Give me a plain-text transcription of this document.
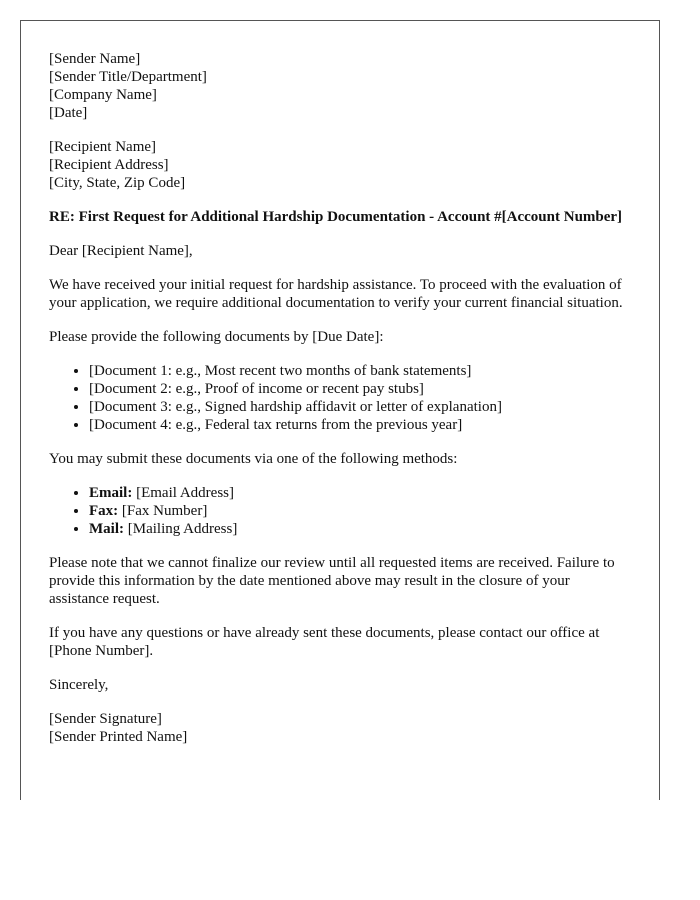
[Sender Name]
[Sender Title/Department]
[Company Name]
[Date]
[Recipient Name]
[Recipient Address]
[City, State, Zip Code]

RE: First Request for Additional Hardship Documentation - Account #[Account Number]

Dear [Recipient Name],

We have received your initial request for hardship assistance. To proceed with the evaluation of your application, we require additional documentation to verify your current financial situation.

Please provide the following documents by [Due Date]:

• [Document 1: e.g., Most recent two months of bank statements]
• [Document 2: e.g., Proof of income or recent pay stubs]
• [Document 3: e.g., Signed hardship affidavit or letter of explanation]
• [Document 4: e.g., Federal tax returns from the previous year]

You may submit these documents via one of the following methods:

• Email: [Email Address]
• Fax: [Fax Number]
• Mail: [Mailing Address]

Please note that we cannot finalize our review until all requested items are received. Failure to provide this information by the date mentioned above may result in the closure of your assistance request.

If you have any questions or have already sent these documents, please contact our office at [Phone Number].

Sincerely,

[Sender Signature]
[Sender Printed Name]
